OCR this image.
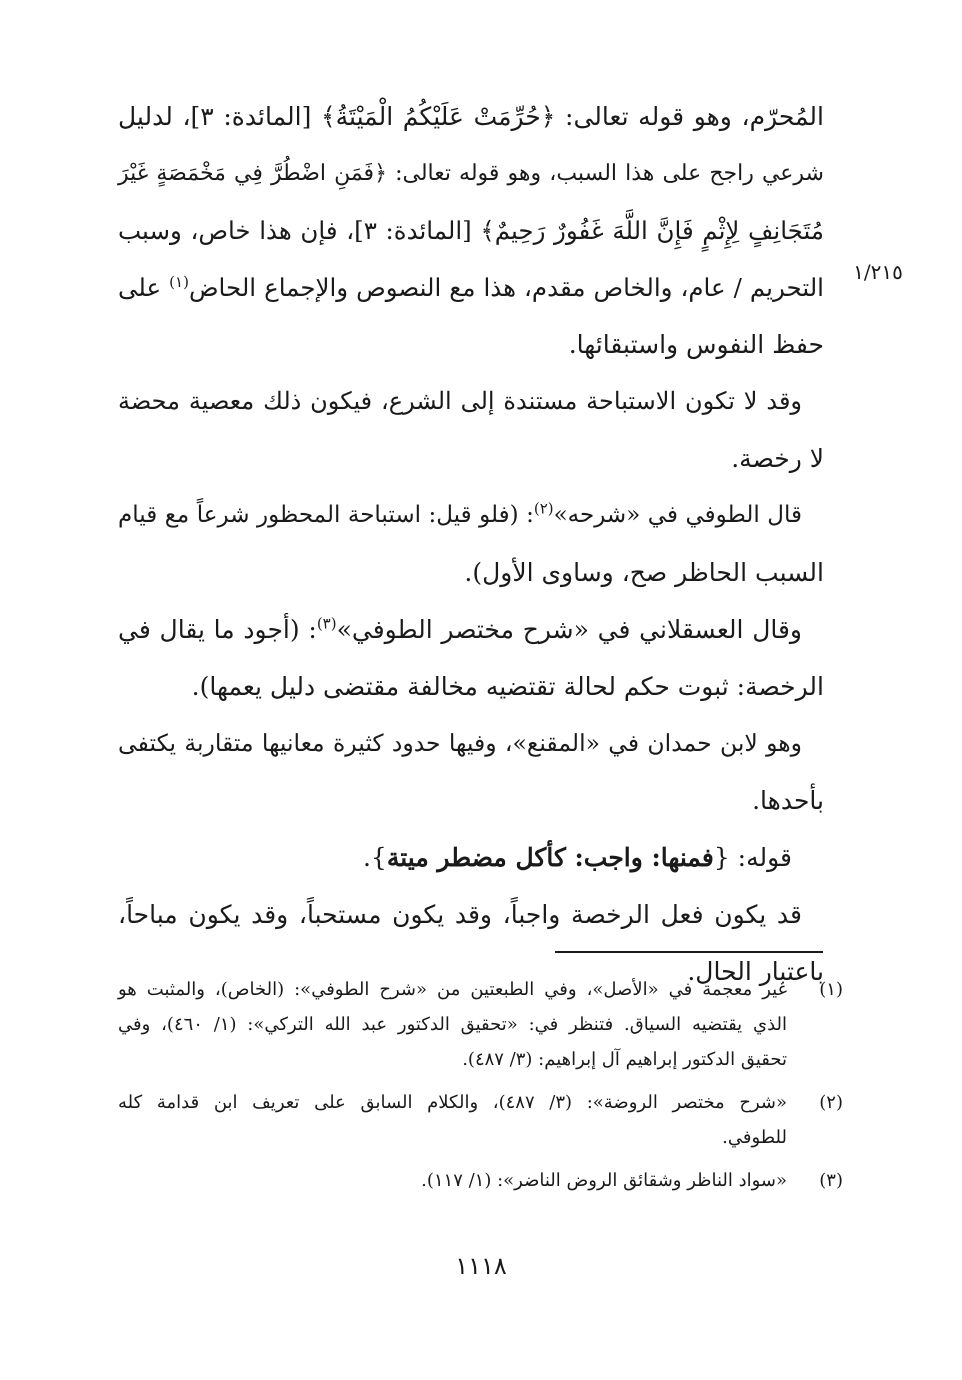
١/٢١٥
المُحرّم، وهو قوله تعالى: ﴿حُرِّمَتْ عَلَيْكُمُ الْمَيْتَةُ﴾ [المائدة: ٣]، لدليل
شرعي راجح على هذا السبب، وهو قوله تعالى: ﴿فَمَنِ اضْطُرَّ فِي مَخْمَصَةٍ غَيْرَ
مُتَجَانِفٍ لِإِثْمٍ فَإِنَّ اللَّهَ غَفُورٌ رَحِيمٌ﴾ [المائدة: ٣]، فإن هذا خاص، وسبب
التحريم / عام، والخاص مقدم، هذا مع النصوص والإجماع الحاض$^{(١)}$ على
حفظ النفوس واستبقائها.
وقد لا تكون الاستباحة مستندة إلى الشرع، فيكون ذلك معصية محضة
لا رخصة.
قال الطوفي في «شرحه»$^{(٢)}$: (فلو قيل: استباحة المحظور شرعاً مع قيام
السبب الحاظر صح، وساوى الأول).
وقال العسقلاني في «شرح مختصر الطوفي»$^{(٣)}$: (أجود ما يقال في
الرخصة: ثبوت حكم لحالة تقتضيه مخالفة مقتضى دليل يعمها).
وهو لابن حمدان في «المقنع»، وفيها حدود كثيرة معانيها متقاربة يكتفى
بأحدها.
قوله: {فمنها: واجب: كأكل مضطر ميتة}.
قد يكون فعل الرخصة واجباً، وقد يكون مستحباً، وقد يكون مباحاً،
باعتبار الحال.
(١)
غير معجمة في «الأصل»، وفي الطبعتين من «شرح الطوفي»: (الخاص)، والمثبت هو
الذي يقتضيه السياق. فتنظر في: «تحقيق الدكتور عبد الله التركي»: (١/ ٤٦٠)، وفي
تحقيق الدكتور إبراهيم آل إبراهيم: (٣/ ٤٨٧).
(٢)
«شرح مختصر الروضة»: (٣/ ٤٨٧)، والكلام السابق على تعريف ابن قدامة كله
للطوفي.
(٣)
«سواد الناظر وشقائق الروض الناضر»: (١/ ١١٧).
١١١٨
